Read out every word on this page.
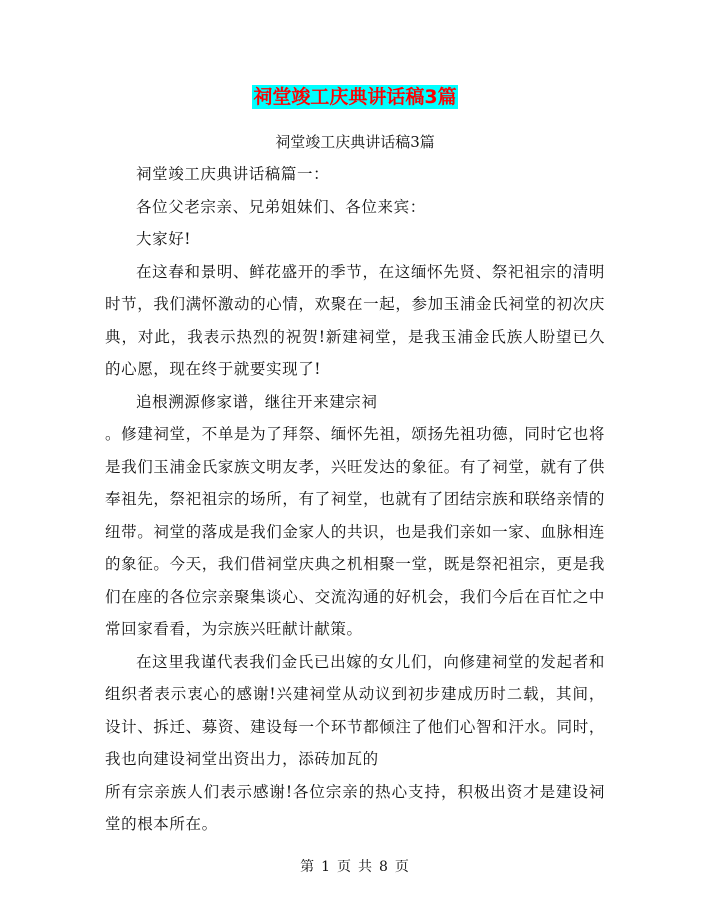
祠堂竣工庆典讲话稿3篇
祠堂竣工庆典讲话稿3篇

祠堂竣工庆典讲话稿篇一：

各位父老宗亲、兄弟姐妹们、各位来宾：

大家好!

在这春和景明、鲜花盛开的季节，在这缅怀先贤、祭祀祖宗的清明时节，我们满怀激动的心情，欢聚在一起，参加玉浦金氏祠堂的初次庆典，对此，我表示热烈的祝贺!新建祠堂，是我玉浦金氏族人盼望已久的心愿，现在终于就要实现了!

追根溯源修家谱，继往开来建宗祠

。修建祠堂，不单是为了拜祭、缅怀先祖，颂扬先祖功德，同时它也将是我们玉浦金氏家族文明友孝，兴旺发达的象征。有了祠堂，就有了供奉祖先，祭祀祖宗的场所，有了祠堂，也就有了团结宗族和联络亲情的纽带。祠堂的落成是我们金家人的共识，也是我们亲如一家、血脉相连的象征。今天，我们借祠堂庆典之机相聚一堂，既是祭祀祖宗，更是我们在座的各位宗亲聚集谈心、交流沟通的好机会，我们今后在百忙之中常回家看看，为宗族兴旺献计献策。

在这里我谨代表我们金氏已出嫁的女儿们，向修建祠堂的发起者和组织者表示衷心的感谢!兴建祠堂从动议到初步建成历时二载，其间，设计、拆迁、募资、建设每一个环节都倾注了他们心智和汗水。同时，我也向建设祠堂出资出力，添砖加瓦的

所有宗亲族人们表示感谢!各位宗亲的热心支持，积极出资才是建设祠堂的根本所在。

第 1 页 共 8 页
